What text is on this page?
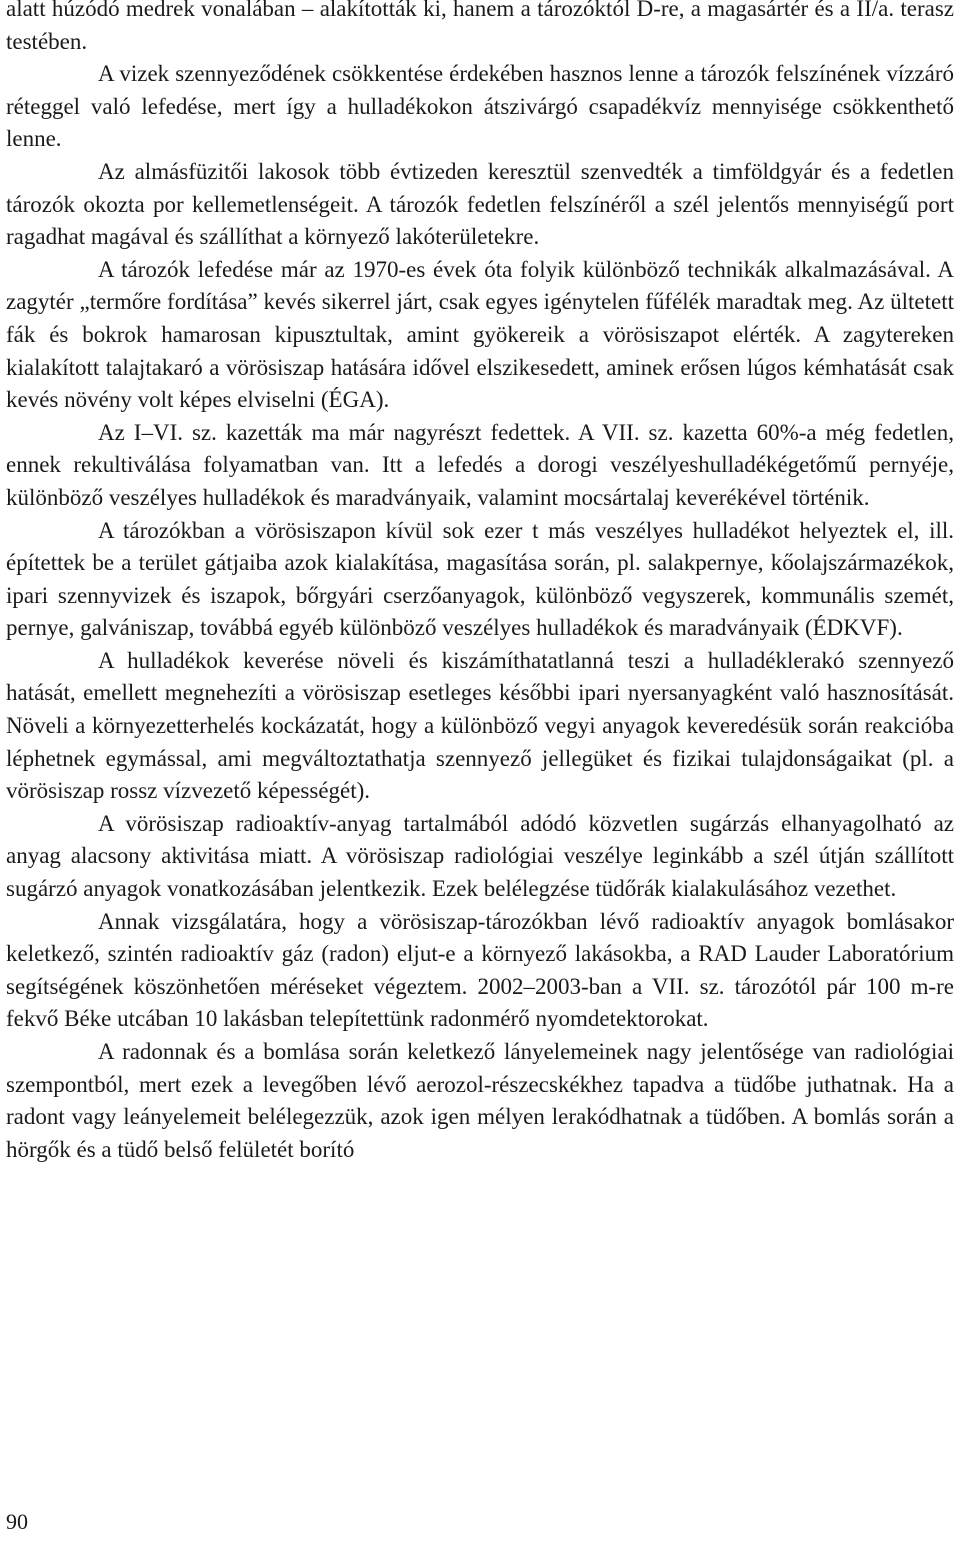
alatt húzódó medrek vonalában – alakították ki, hanem a tározóktól D-re, a magasártér és a II/a. terasz testében.

A vizek szennyeződének csökkentése érdekében hasznos lenne a tározók felszínének vízzáró réteggel való lefedése, mert így a hulladékokon átszivárgó csapadékvíz mennyisége csökkenthető lenne.

Az almásfüzitői lakosok több évtizeden keresztül szenvedték a timföldgyár és a fedetlen tározók okozta por kellemetlenségeit. A tározók fedetlen felszínéről a szél jelentős mennyiségű port ragadhat magával és szállíthat a környező lakóterületekre.

A tározók lefedése már az 1970-es évek óta folyik különböző technikák alkalmazásával. A zagytér „termőre fordítása” kevés sikerrel járt, csak egyes igénytelen fűfélék maradtak meg. Az ültetett fák és bokrok hamarosan kipusztultak, amint gyökereik a vörösiszapot elérték. A zagytereken kialakított talajtakaró a vörösiszap hatására idővel elszikesedett, aminek erősen lúgos kémhatását csak kevés növény volt képes elviselni (ÉGA).

Az I–VI. sz. kazetták ma már nagyrészt fedettek. A VII. sz. kazetta 60%-a még fedetlen, ennek rekultiválása folyamatban van. Itt a lefedés a dorogi veszélyeshulladékégetőmű pernyéje, különböző veszélyes hulladékok és maradványaik, valamint mocsártalaj keverékével történik.

A tározókban a vörösiszapon kívül sok ezer t más veszélyes hulladékot helyeztek el, ill. építettek be a terület gátjaiba azok kialakítása, magasítása során, pl. salakpernye, kőolajszármazékok, ipari szennyvizek és iszapok, bőrgyári cserzőanyagok, különböző vegyszerek, kommunális szemét, pernye, galvániszap, továbbá egyéb különböző veszélyes hulladékok és maradványaik (ÉDKVF).

A hulladékok keverése növeli és kiszámíthatatlanná teszi a hulladéklerakó szennyező hatását, emellett megnehezíti a vörösiszap esetleges későbbi ipari nyersanyagként való hasznosítását. Növeli a környezetterhelés kockázatát, hogy a különböző vegyi anyagok keveredésük során reakcióba léphetnek egymással, ami megváltoztathatja szennyező jellegüket és fizikai tulajdonságaikat (pl. a vörösiszap rossz vízvezető képességét).

A vörösiszap radioaktív-anyag tartalmából adódó közvetlen sugárzás elhanyagolható az anyag alacsony aktivitása miatt. A vörösiszap radiológiai veszélye leginkább a szél útján szállított sugárzó anyagok vonatkozásában jelentkezik. Ezek belélegzése tüdőrák kialakulásához vezethet.

Annak vizsgálatára, hogy a vörösiszap-tározókban lévő radioaktív anyagok bomlásakor keletkező, szintén radioaktív gáz (radon) eljut-e a környező lakásokba, a RAD Lauder Laboratórium segítségének köszönhetően méréseket végeztem. 2002–2003-ban a VII. sz. tározótól pár 100 m-re fekvő Béke utcában 10 lakásban telepítettünk radonmérő nyomdetektorokat.

A radonnak és a bomlása során keletkező lányelemeinek nagy jelentősége van radiológiai szempontból, mert ezek a levegőben lévő aerozol-részecskékhez tapadva a tüdőbe juthatnak. Ha a radont vagy leányelemeit belélegezzük, azok igen mélyen lerakódhatnak a tüdőben. A bomlás során a hörgők és a tüdő belső felületét borító

90
